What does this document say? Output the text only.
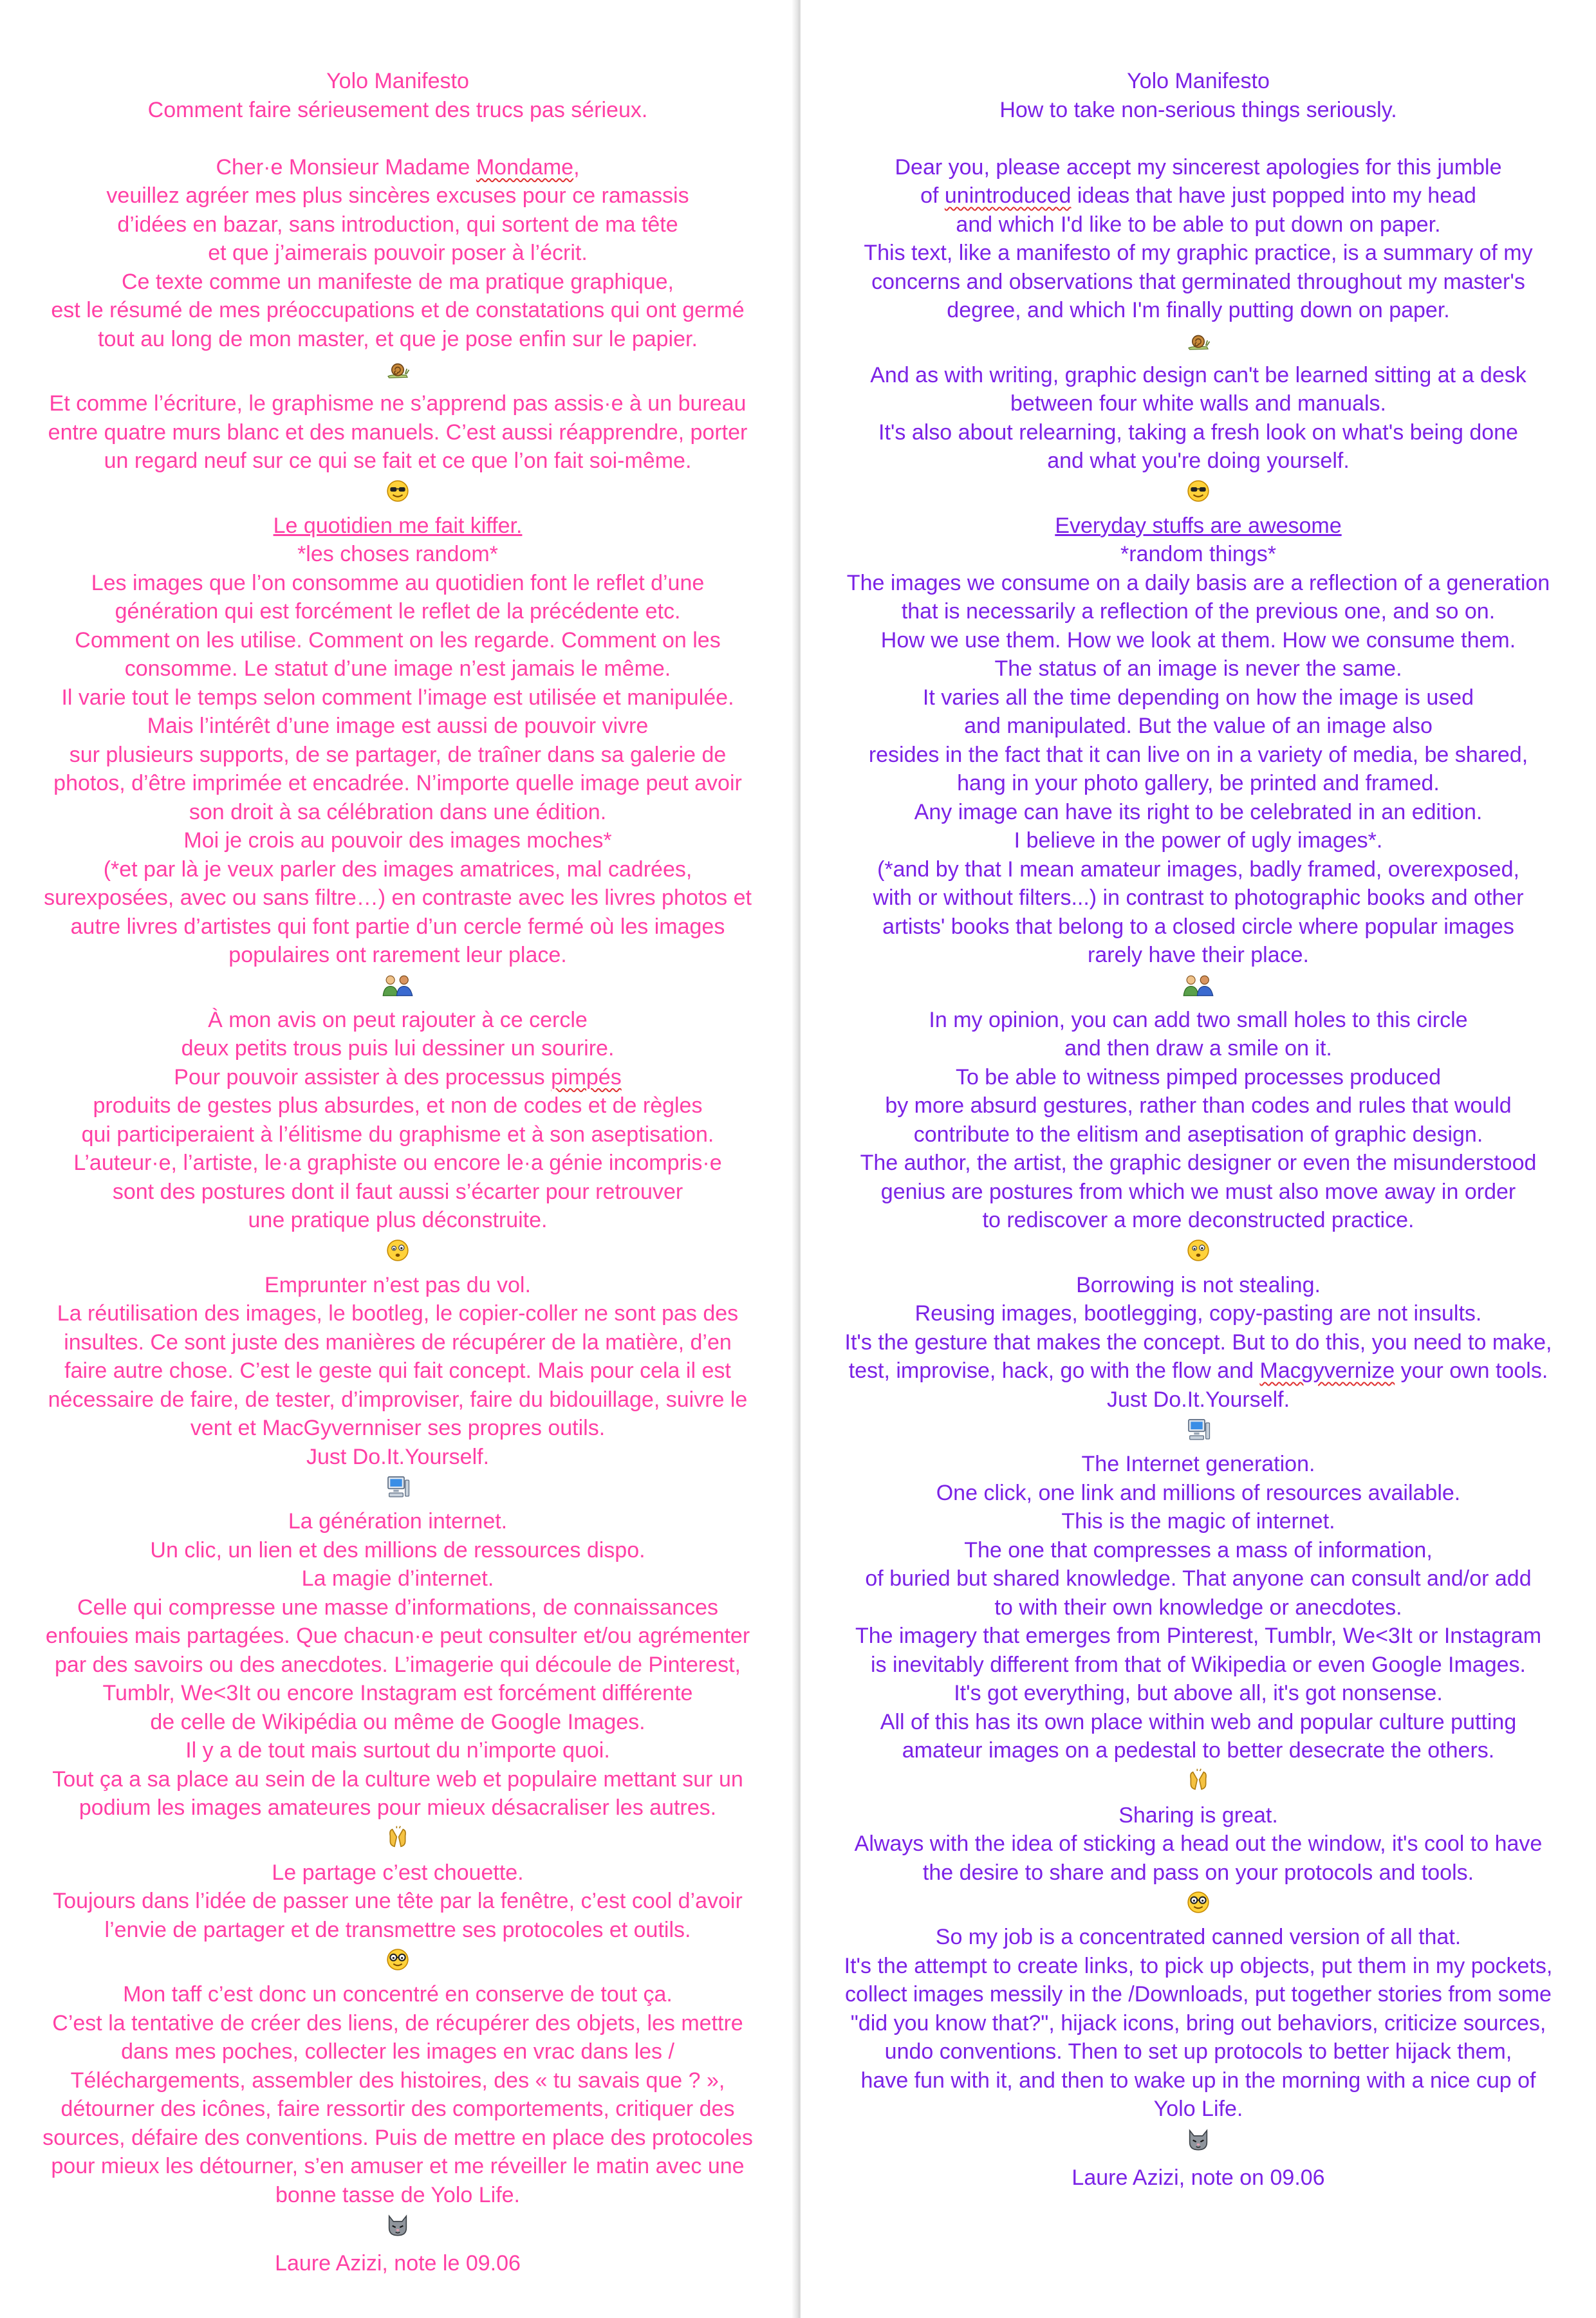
Yolo Manifesto
Comment faire sérieusement des trucs pas sérieux.
Cher·e Monsieur Madame Mondame,
veuillez agréer mes plus sincères excuses pour ce ramassis
d’idées en bazar, sans introduction, qui sortent de ma tête
et que j’aimerais pouvoir poser à l’écrit.
Ce texte comme un manifeste de ma pratique graphique,
est le résumé de mes préoccupations et de constatations qui ont germé
tout au long de mon master, et que je pose enfin sur le papier.
Et comme l’écriture, le graphisme ne s’apprend pas assis·e à un bureau
entre quatre murs blanc et des manuels. C’est aussi réapprendre, porter
un regard neuf sur ce qui se fait et ce que l’on fait soi-même.
Le quotidien me fait kiffer.
*les choses random*
Les images que l’on consomme au quotidien font le reflet d’une
génération qui est forcément le reflet de la précédente etc.
Comment on les utilise. Comment on les regarde. Comment on les
consomme. Le statut d’une image n’est jamais le même.
Il varie tout le temps selon comment l’image est utilisée et manipulée.
Mais l’intérêt d’une image est aussi de pouvoir vivre
sur plusieurs supports, de se partager, de traîner dans sa galerie de
photos, d’être imprimée et encadrée. N’importe quelle image peut avoir
son droit à sa célébration dans une édition.
Moi je crois au pouvoir des images moches*
(*et par là je veux parler des images amatrices, mal cadrées,
surexposées, avec ou sans filtre…) en contraste avec les livres photos et
autre livres d’artistes qui font partie d’un cercle fermé où les images
populaires ont rarement leur place.
À mon avis on peut rajouter à ce cercle
deux petits trous puis lui dessiner un sourire.
Pour pouvoir assister à des processus pimpés
produits de gestes plus absurdes, et non de codes et de règles
qui participeraient à l’élitisme du graphisme et à son aseptisation.
L’auteur·e, l’artiste, le·a graphiste ou encore le·a génie incompris·e
sont des postures dont il faut aussi s’écarter pour retrouver
une pratique plus déconstruite.
Emprunter n’est pas du vol.
La réutilisation des images, le bootleg, le copier-coller ne sont pas des
insultes. Ce sont juste des manières de récupérer de la matière, d’en
faire autre chose. C’est le geste qui fait concept. Mais pour cela il est
nécessaire de faire, de tester, d’improviser, faire du bidouillage, suivre le
vent et MacGyvernniser ses propres outils.
Just Do.It.Yourself.
La génération internet.
Un clic, un lien et des millions de ressources dispo.
La magie d’internet.
Celle qui compresse une masse d’informations, de connaissances
enfouies mais partagées. Que chacun·e peut consulter et/ou agrémenter
par des savoirs ou des anecdotes. L’imagerie qui découle de Pinterest,
Tumblr, We<3It ou encore Instagram est forcément différente
de celle de Wikipédia ou même de Google Images.
Il y a de tout mais surtout du n’importe quoi.
Tout ça a sa place au sein de la culture web et populaire mettant sur un
podium les images amateures pour mieux désacraliser les autres.
Le partage c’est chouette.
Toujours dans l’idée de passer une tête par la fenêtre, c’est cool d’avoir
l’envie de partager et de transmettre ses protocoles et outils.
Mon taff c’est donc un concentré en conserve de tout ça.
C’est la tentative de créer des liens, de récupérer des objets, les mettre
dans mes poches, collecter les images en vrac dans les /
Téléchargements, assembler des histoires, des « tu savais que ? »,
détourner des icônes, faire ressortir des comportements, critiquer des
sources, défaire des conventions. Puis de mettre en place des protocoles
pour mieux les détourner, s’en amuser et me réveiller le matin avec une
bonne tasse de Yolo Life.
Laure Azizi, note le 09.06
Yolo Manifesto
How to take non-serious things seriously.
Dear you, please accept my sincerest apologies for this jumble
of unintroduced ideas that have just popped into my head
and which I'd like to be able to put down on paper.
This text, like a manifesto of my graphic practice, is a summary of my
concerns and observations that germinated throughout my master's
degree, and which I'm finally putting down on paper.
And as with writing, graphic design can't be learned sitting at a desk
between four white walls and manuals.
It's also about relearning, taking a fresh look on what's being done
and what you're doing yourself.
Everyday stuffs are awesome
*random things*
The images we consume on a daily basis are a reflection of a generation
that is necessarily a reflection of the previous one, and so on.
How we use them. How we look at them. How we consume them.
The status of an image is never the same.
It varies all the time depending on how the image is used
and manipulated. But the value of an image also
resides in the fact that it can live on in a variety of media, be shared,
hang in your photo gallery, be printed and framed.
Any image can have its right to be celebrated in an edition.
I believe in the power of ugly images*.
(*and by that I mean amateur images, badly framed, overexposed,
with or without filters...) in contrast to photographic books and other
artists' books that belong to a closed circle where popular images
rarely have their place.
In my opinion, you can add two small holes to this circle
and then draw a smile on it.
To be able to witness pimped processes produced
by more absurd gestures, rather than codes and rules that would
contribute to the elitism and aseptisation of graphic design.
The author, the artist, the graphic designer or even the misunderstood
genius are postures from which we must also move away in order
to rediscover a more deconstructed practice.
Borrowing is not stealing.
Reusing images, bootlegging, copy-pasting are not insults.
It's the gesture that makes the concept. But to do this, you need to make,
test, improvise, hack, go with the flow and Macgyvernize your own tools.
Just Do.It.Yourself.
The Internet generation.
One click, one link and millions of resources available.
This is the magic of internet.
The one that compresses a mass of information,
of buried but shared knowledge. That anyone can consult and/or add
to with their own knowledge or anecdotes.
The imagery that emerges from Pinterest, Tumblr, We<3It or Instagram
is inevitably different from that of Wikipedia or even Google Images.
It's got everything, but above all, it's got nonsense.
All of this has its own place within web and popular culture putting
amateur images on a pedestal to better desecrate the others.
Sharing is great.
Always with the idea of sticking a head out the window, it's cool to have
the desire to share and pass on your protocols and tools.
So my job is a concentrated canned version of all that.
It's the attempt to create links, to pick up objects, put them in my pockets,
collect images messily in the /Downloads, put together stories from some
"did you know that?", hijack icons, bring out behaviors, criticize sources,
undo conventions. Then to set up protocols to better hijack them,
have fun with it, and then to wake up in the morning with a nice cup of
Yolo Life.
Laure Azizi, note on 09.06
